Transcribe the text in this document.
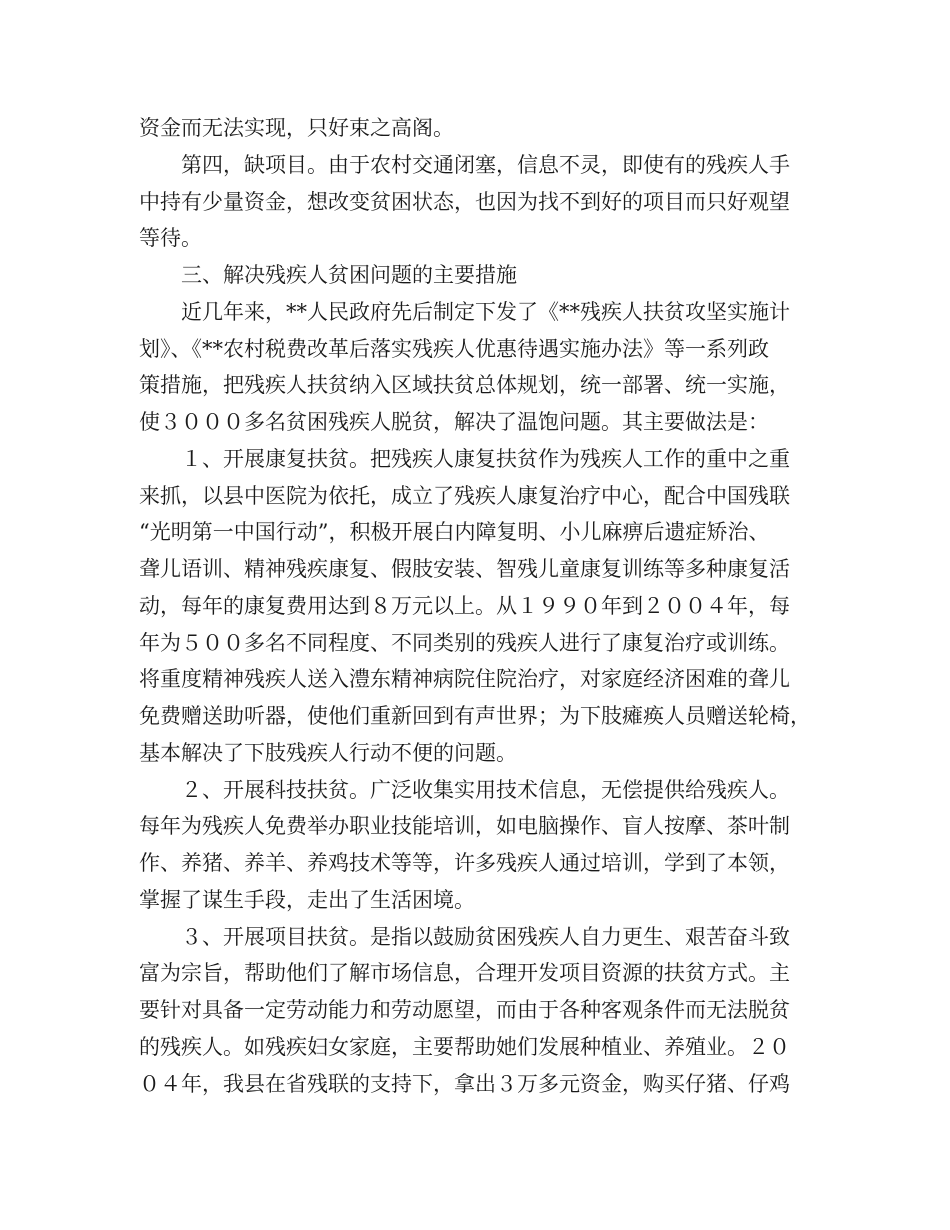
资金而无法实现，只好束之高阁。
第四，缺项目。由于农村交通闭塞，信息不灵，即使有的残疾人手
中持有少量资金，想改变贫困状态，也因为找不到好的项目而只好观望
等待。
三、解决残疾人贫困问题的主要措施
近几年来，**人民政府先后制定下发了《**残疾人扶贫攻坚实施计
划》、《**农村税费改革后落实残疾人优惠待遇实施办法》等一系列政
策措施，把残疾人扶贫纳入区域扶贫总体规划，统一部署、统一实施，
使３０００多名贫困残疾人脱贫，解决了温饱问题。其主要做法是：
１、开展康复扶贫。把残疾人康复扶贫作为残疾人工作的重中之重
来抓，以县中医院为依托，成立了残疾人康复治疗中心，配合中国残联
“光明第一中国行动”，积极开展白内障复明、小儿麻痹后遗症矫治、
聋儿语训、精神残疾康复、假肢安装、智残儿童康复训练等多种康复活
动，每年的康复费用达到８万元以上。从１９９０年到２００４年，每
年为５００多名不同程度、不同类别的残疾人进行了康复治疗或训练。
将重度精神残疾人送入澧东精神病院住院治疗，对家庭经济困难的聋儿
免费赠送助听器，使他们重新回到有声世界；为下肢瘫痪人员赠送轮椅，
基本解决了下肢残疾人行动不便的问题。
２、开展科技扶贫。广泛收集实用技术信息，无偿提供给残疾人。
每年为残疾人免费举办职业技能培训，如电脑操作、盲人按摩、茶叶制
作、养猪、养羊、养鸡技术等等，许多残疾人通过培训，学到了本领，
掌握了谋生手段，走出了生活困境。
３、开展项目扶贫。是指以鼓励贫困残疾人自力更生、艰苦奋斗致
富为宗旨，帮助他们了解市场信息，合理开发项目资源的扶贫方式。主
要针对具备一定劳动能力和劳动愿望，而由于各种客观条件而无法脱贫
的残疾人。如残疾妇女家庭，主要帮助她们发展种植业、养殖业。２０
０４年，我县在省残联的支持下，拿出３万多元资金，购买仔猪、仔鸡
